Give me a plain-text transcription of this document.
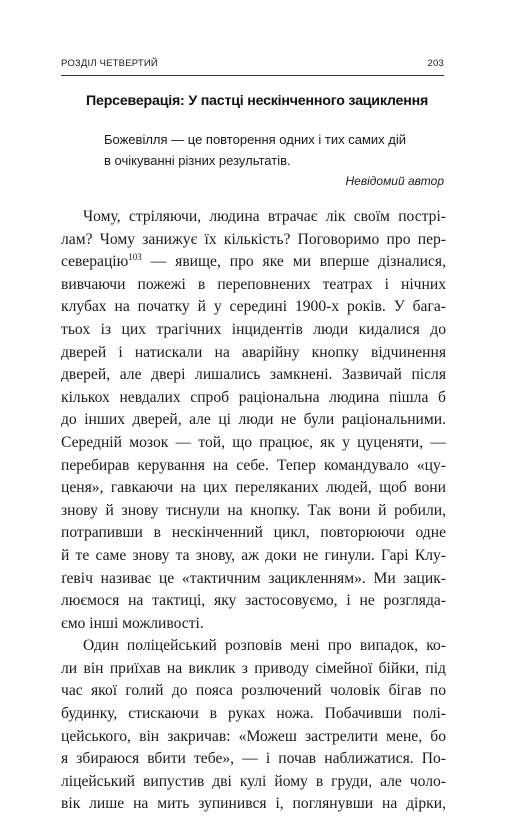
РОЗДІЛ ЧЕТВЕРТИЙ	203
Персеверація: У пастці нескінченного зациклення
Божевілля — це повторення одних і тих самих дій
в очікуванні різних результатів.
Невідомий автор
Чому, стріляючи, людина втрачає лік своїм пострі-
лам? Чому занижує їх кількість? Поговоримо про пер-
северацію$^{103}$ — явище, про яке ми вперше дізналися,
вивчаючи пожежі в переповнених театрах і нічних
клубах на початку й у середині 1900-х років. У бага-
тьох із цих трагічних інцидентів люди кидалися до
дверей і натискали на аварійну кнопку відчинення
дверей, але двері лишались замкнені. Зазвичай після
кількох невдалих спроб раціональна людина пішла б
до інших дверей, але ці люди не були раціональними.
Середній мозок — той, що працює, як у цуценяти, —
перебирав керування на себе. Тепер командувало «цу-
ценя», гавкаючи на цих переляканих людей, щоб вони
знову й знову тиснули на кнопку. Так вони й робили,
потрапивши в нескінченний цикл, повторюючи одне
й те саме знову та знову, аж доки не гинули. Гарі Клу-
ґевіч називає це «тактичним зацикленням». Ми зацик-
люємося на тактиці, яку застосовуємо, і не розгляда-
ємо інші можливості.
Один поліцейський розповів мені про випадок, ко-
ли він приїхав на виклик з приводу сімейної бійки, під
час якої голий до пояса розлючений чоловік бігав по
будинку, стискаючи в руках ножа. Побачивши полі-
цейського, він закричав: «Можеш застрелити мене, бо
я збираюся вбити тебе», — і почав наближатися. По-
ліцейський випустив дві кулі йому в груди, але чоло-
вік лише на мить зупинився і, поглянувши на дірки,
